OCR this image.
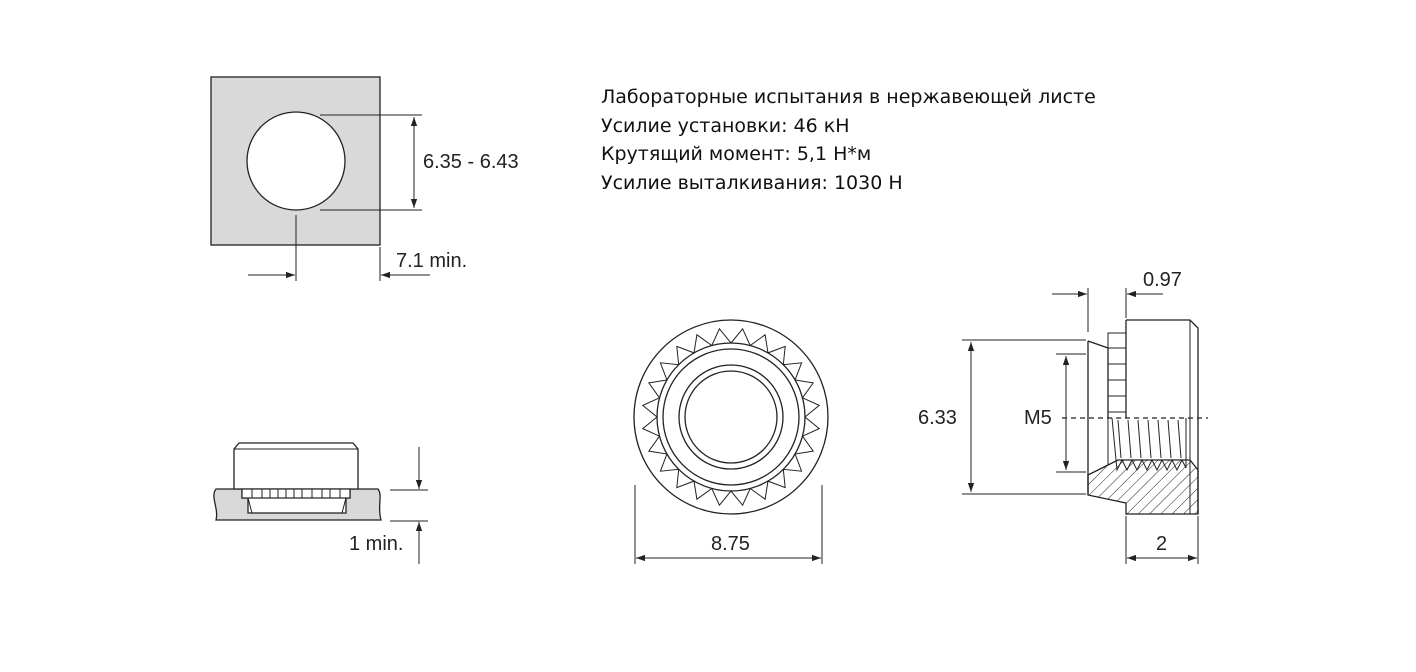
6.35 - 6.43
7.1 min.
1 min.	8.75
0.97
6.33	M5
2
Лабораторные испытания в нержавеющей листе
Усилие установки: 46 кН
Крутящий момент: 5,1 Н*м
Усилие выталкивания: 1030 Н
